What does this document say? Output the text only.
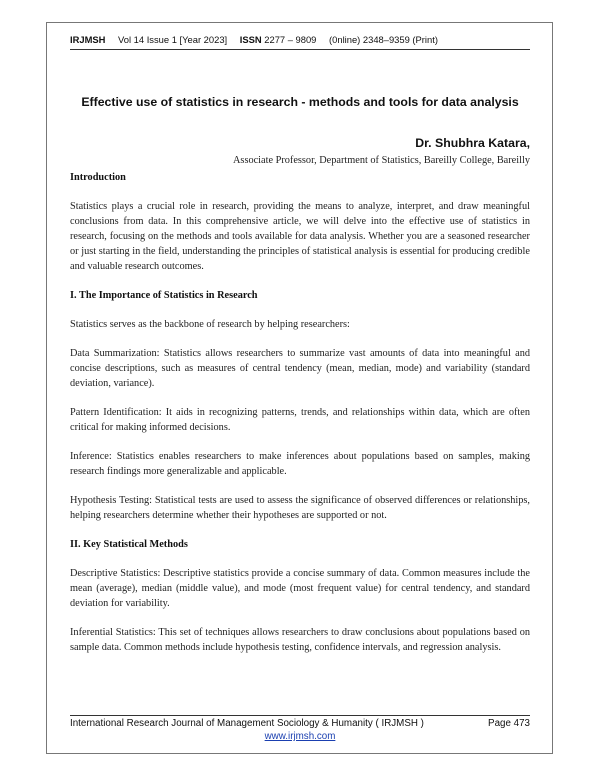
IRJMSH Vol 14 Issue 1 [Year 2023] ISSN 2277 – 9809 (0nline) 2348–9359 (Print)
Effective use of statistics in research - methods and tools for data analysis
Dr. Shubhra Katara,
Associate Professor, Department of Statistics, Bareilly College, Bareilly
Introduction

Statistics plays a crucial role in research, providing the means to analyze, interpret, and draw meaningful conclusions from data. In this comprehensive article, we will delve into the effective use of statistics in research, focusing on the methods and tools available for data analysis. Whether you are a seasoned researcher or just starting in the field, understanding the principles of statistical analysis is essential for producing credible and valuable research outcomes.

I. The Importance of Statistics in Research

Statistics serves as the backbone of research by helping researchers:

Data Summarization: Statistics allows researchers to summarize vast amounts of data into meaningful and concise descriptions, such as measures of central tendency (mean, median, mode) and variability (standard deviation, variance).

Pattern Identification: It aids in recognizing patterns, trends, and relationships within data, which are often critical for making informed decisions.

Inference: Statistics enables researchers to make inferences about populations based on samples, making research findings more generalizable and applicable.

Hypothesis Testing: Statistical tests are used to assess the significance of observed differences or relationships, helping researchers determine whether their hypotheses are supported or not.

II. Key Statistical Methods

Descriptive Statistics: Descriptive statistics provide a concise summary of data. Common measures include the mean (average), median (middle value), and mode (most frequent value) for central tendency, and standard deviation for variability.

Inferential Statistics: This set of techniques allows researchers to draw conclusions about populations based on sample data. Common methods include hypothesis testing, confidence intervals, and regression analysis.

International Research Journal of Management Sociology & Humanity ( IRJMSH )	Page 473
www.irjmsh.com
